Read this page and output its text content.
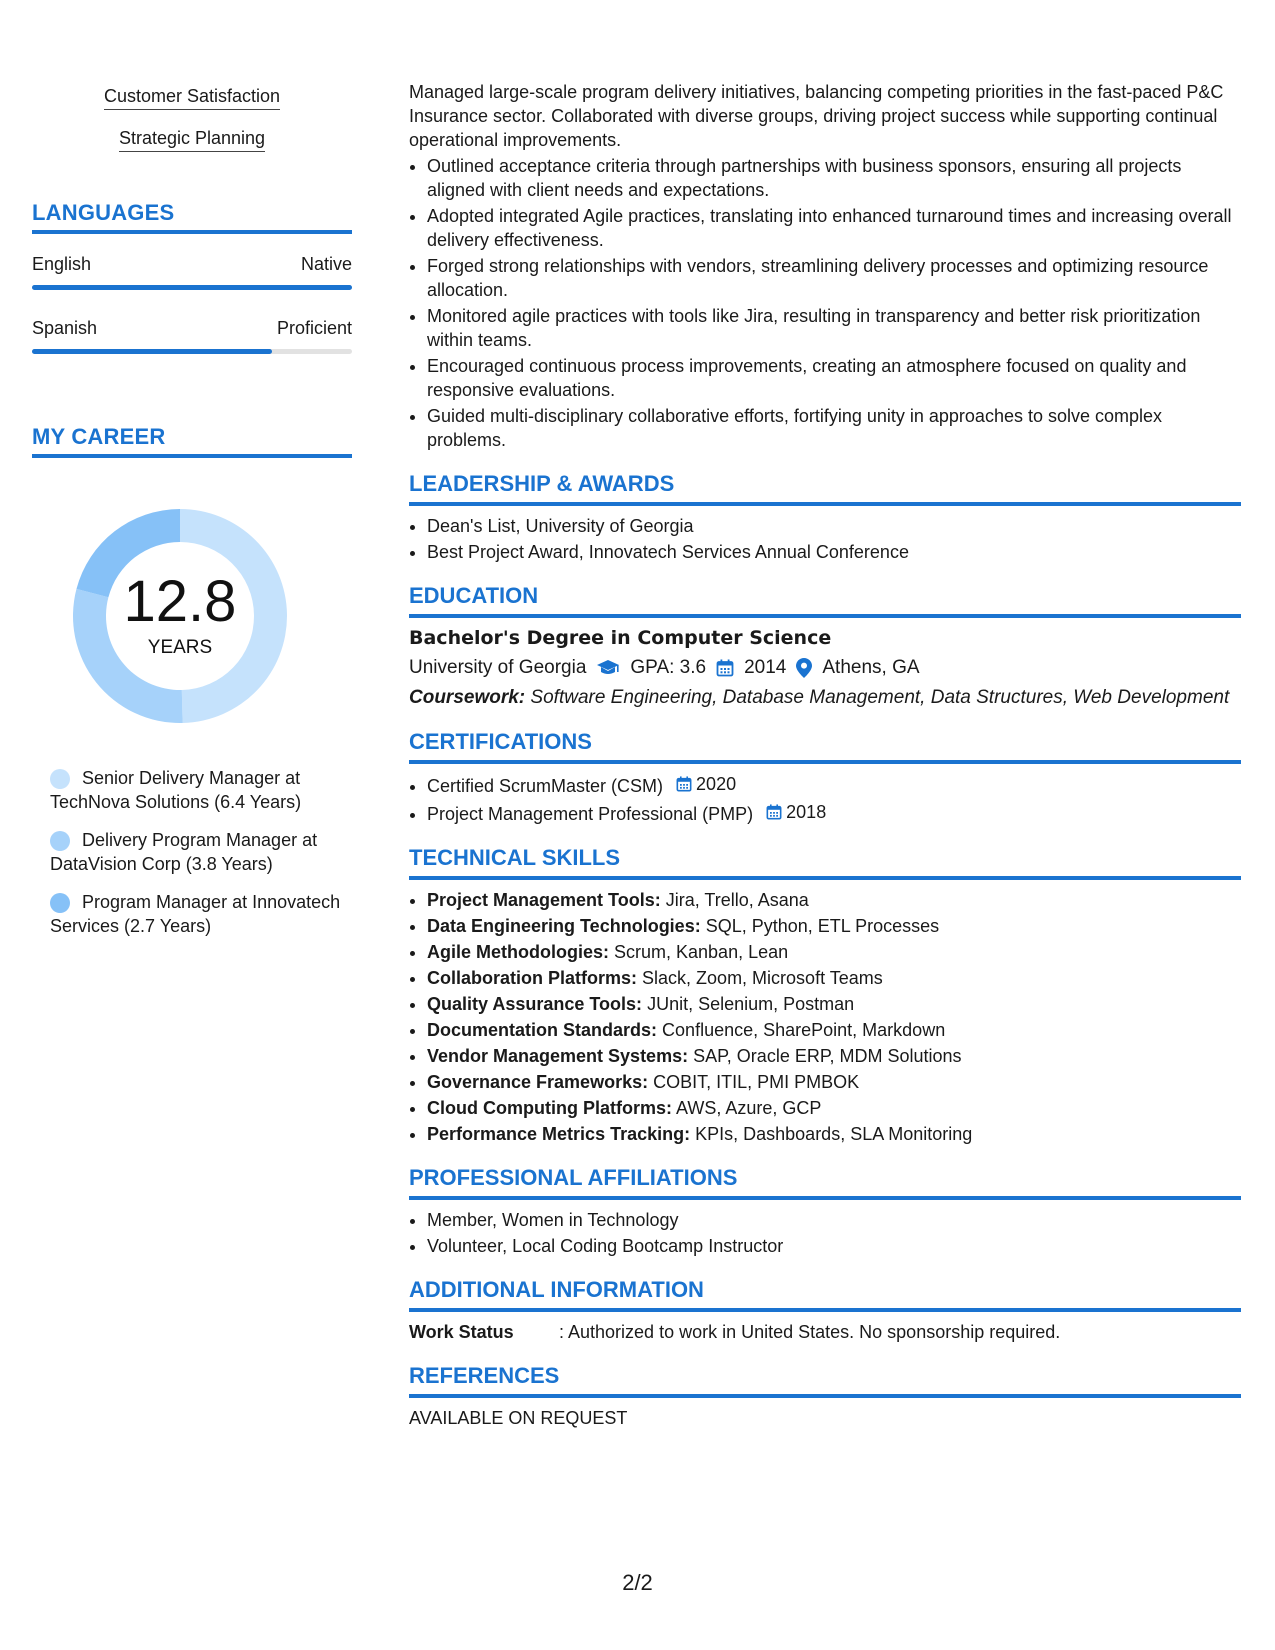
Customer Satisfaction
Strategic Planning
LANGUAGES
English	Native
Spanish	Proficient
MY CAREER
12.8
YEARS
Senior Delivery Manager at TechNova Solutions (6.4 Years)
Delivery Program Manager at DataVision Corp (3.8 Years)
Program Manager at Innovatech Services (2.7 Years)

Managed large-scale program delivery initiatives, balancing competing priorities in the fast-paced P&C Insurance sector. Collaborated with diverse groups, driving project success while supporting continual operational improvements.

• Outlined acceptance criteria through partnerships with business sponsors, ensuring all projects aligned with client needs and expectations.
• Adopted integrated Agile practices, translating into enhanced turnaround times and increasing overall delivery effectiveness.
• Forged strong relationships with vendors, streamlining delivery processes and optimizing resource allocation.
• Monitored agile practices with tools like Jira, resulting in transparency and better risk prioritization within teams.
• Encouraged continuous process improvements, creating an atmosphere focused on quality and responsive evaluations.
• Guided multi-disciplinary collaborative efforts, fortifying unity in approaches to solve complex problems.
LEADERSHIP & AWARDS
• Dean's List, University of Georgia
• Best Project Award, Innovatech Services Annual Conference
EDUCATION
Bachelor's Degree in Computer Science
University of Georgia GPA: 3.6 2014 Athens, GA
Coursework: Software Engineering, Database Management, Data Structures, Web Development
CERTIFICATIONS
• Certified ScrumMaster (CSM) 2020
• Project Management Professional (PMP) 2018
TECHNICAL SKILLS
• Project Management Tools: Jira, Trello, Asana
• Data Engineering Technologies: SQL, Python, ETL Processes
• Agile Methodologies: Scrum, Kanban, Lean
• Collaboration Platforms: Slack, Zoom, Microsoft Teams
• Quality Assurance Tools: JUnit, Selenium, Postman
• Documentation Standards: Confluence, SharePoint, Markdown
• Vendor Management Systems: SAP, Oracle ERP, MDM Solutions
• Governance Frameworks: COBIT, ITIL, PMI PMBOK
• Cloud Computing Platforms: AWS, Azure, GCP
• Performance Metrics Tracking: KPIs, Dashboards, SLA Monitoring
PROFESSIONAL AFFILIATIONS
• Member, Women in Technology
• Volunteer, Local Coding Bootcamp Instructor
ADDITIONAL INFORMATION
Work Status	: Authorized to work in United States. No sponsorship required.
REFERENCES

AVAILABLE ON REQUEST

2/2
